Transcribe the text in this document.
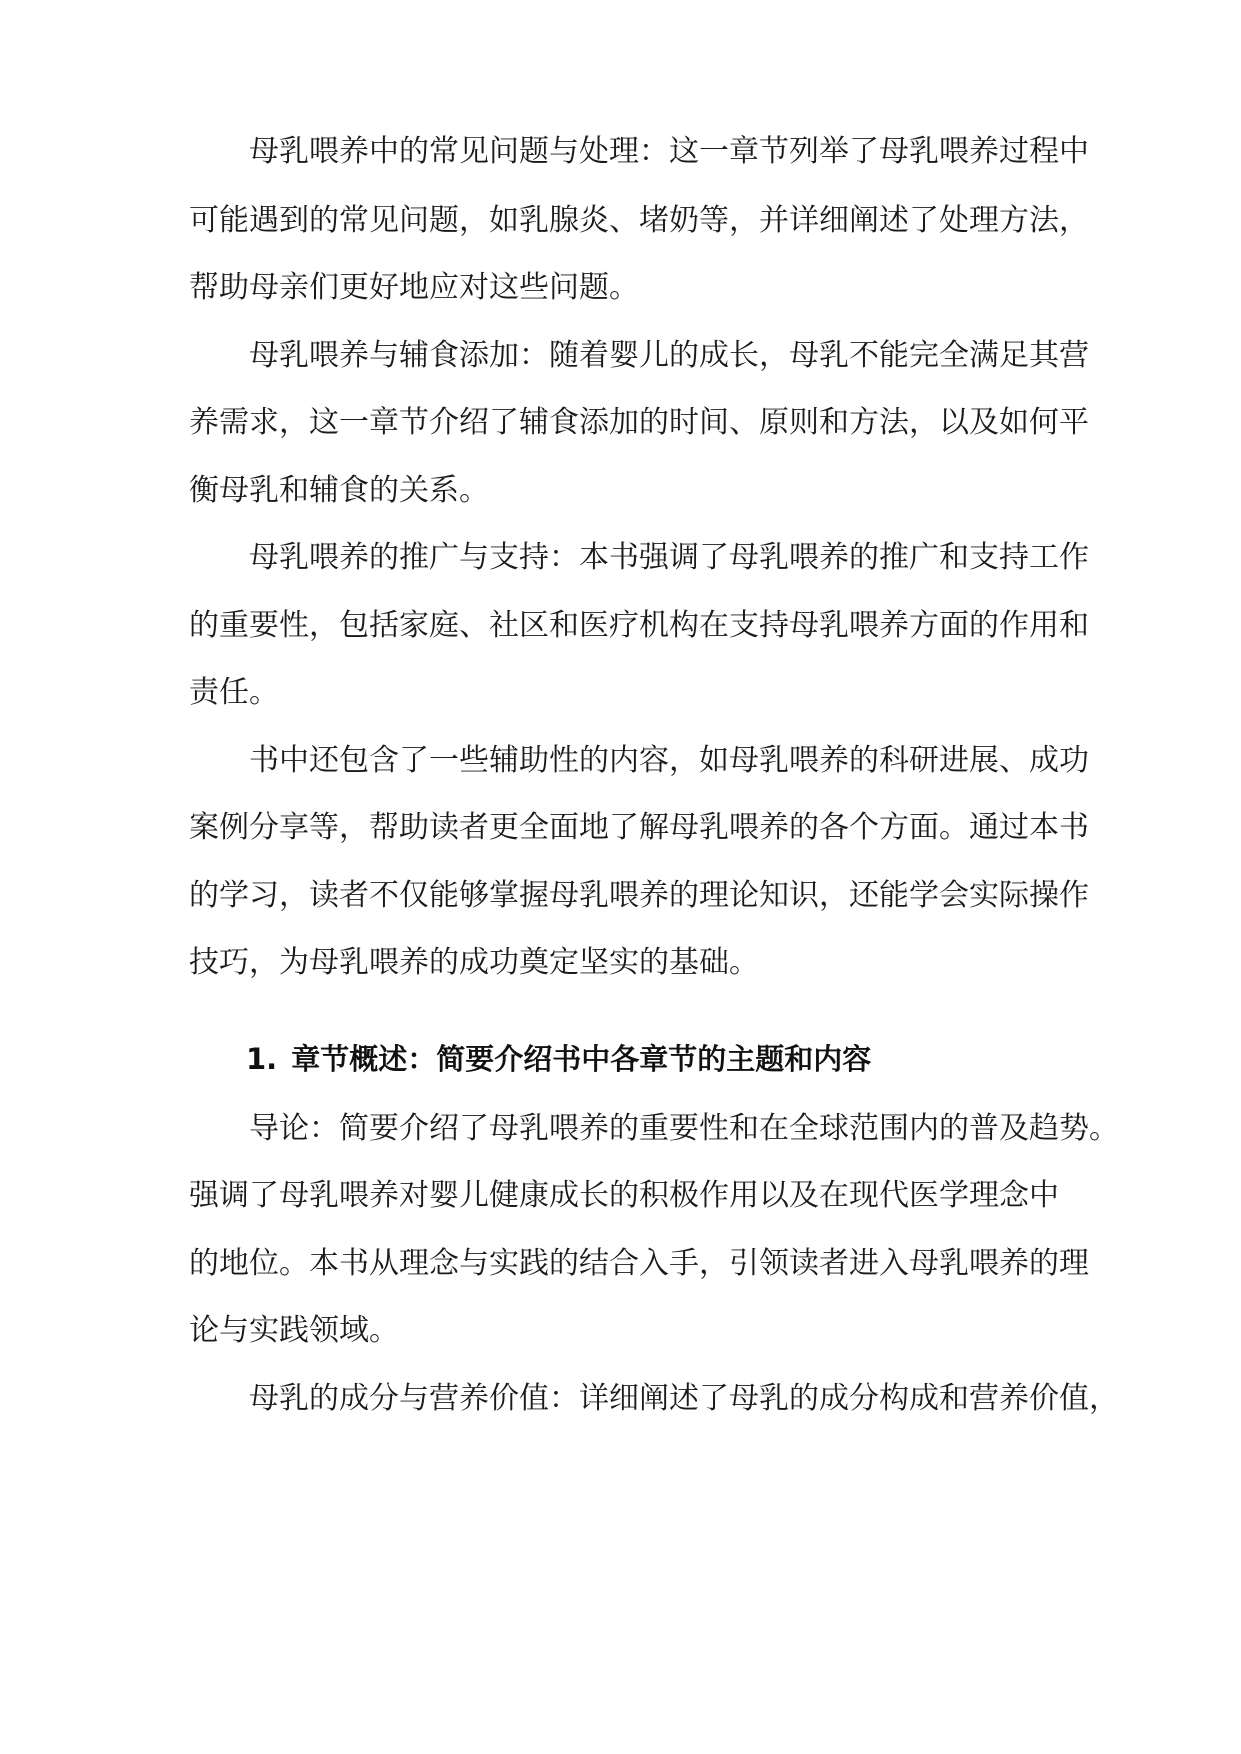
母乳喂养中的常见问题与处理：这一章节列举了母乳喂养过程中

可能遇到的常见问题，如乳腺炎、堵奶等，并详细阐述了处理方法，

帮助母亲们更好地应对这些问题。

母乳喂养与辅食添加：随着婴儿的成长，母乳不能完全满足其营

养需求，这一章节介绍了辅食添加的时间、原则和方法，以及如何平

衡母乳和辅食的关系。

母乳喂养的推广与支持：本书强调了母乳喂养的推广和支持工作

的重要性，包括家庭、社区和医疗机构在支持母乳喂养方面的作用和

责任。

书中还包含了一些辅助性的内容，如母乳喂养的科研进展、成功

案例分享等，帮助读者更全面地了解母乳喂养的各个方面。通过本书

的学习，读者不仅能够掌握母乳喂养的理论知识，还能学会实际操作

技巧，为母乳喂养的成功奠定坚实的基础。

1. 章节概述：简要介绍书中各章节的主题和内容

导论：简要介绍了母乳喂养的重要性和在全球范围内的普及趋势。

强调了母乳喂养对婴儿健康成长的积极作用以及在现代医学理念中

的地位。本书从理念与实践的结合入手，引领读者进入母乳喂养的理

论与实践领域。

母乳的成分与营养价值：详细阐述了母乳的成分构成和营养价值，
